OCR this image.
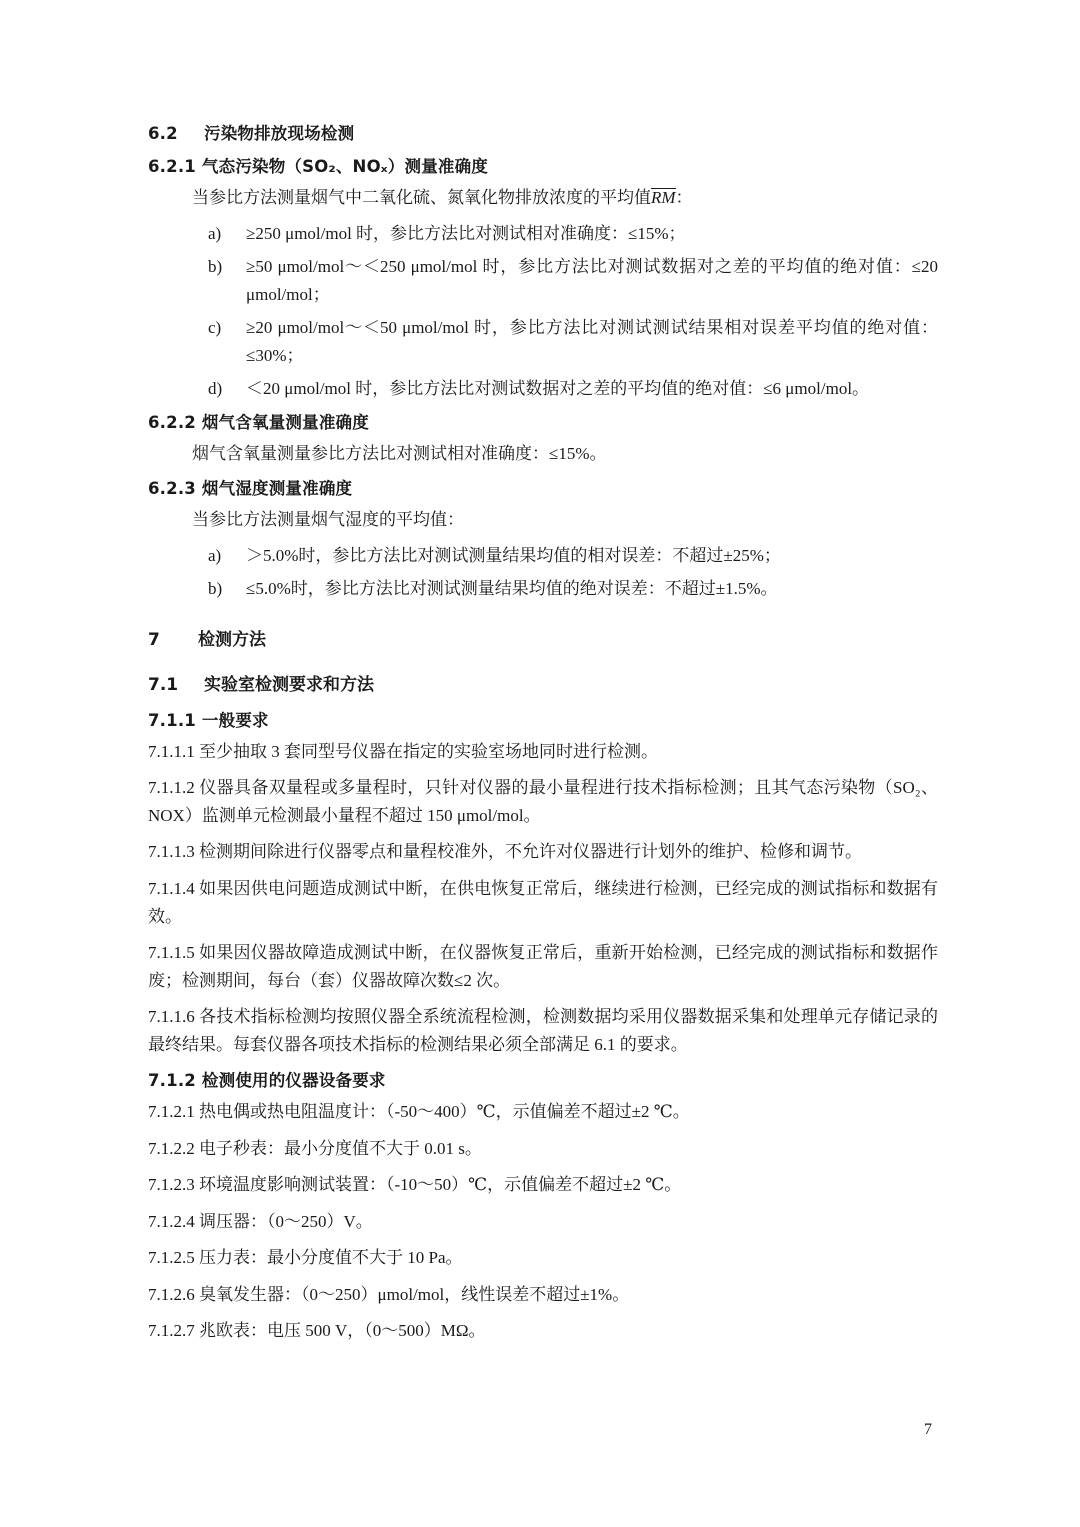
6.2 污染物排放现场检测
6.2.1 气态污染物（SO₂、NOₓ）测量准确度

当参比方法测量烟气中二氧化硫、氮氧化物排放浓度的平均值RM：

a)	≥250 μmol/mol 时，参比方法比对测试相对准确度：≤15%；
b)	≥50 μmol/mol～＜250 μmol/mol 时，参比方法比对测试数据对之差的平均值的绝对值：≤20 μmol/mol；
c)	≥20 μmol/mol～＜50 μmol/mol 时，参比方法比对测试测试结果相对误差平均值的绝对值：≤30%；
d)	＜20 μmol/mol 时，参比方法比对测试数据对之差的平均值的绝对值：≤6 μmol/mol。
6.2.2 烟气含氧量测量准确度

烟气含氧量测量参比方法比对测试相对准确度：≤15%。

6.2.3 烟气湿度测量准确度

当参比方法测量烟气湿度的平均值：

a)	＞5.0%时，参比方法比对测试测量结果均值的相对误差：不超过±25%；
b)	≤5.0%时，参比方法比对测试测量结果均值的绝对误差：不超过±1.5%。
7 检测方法
7.1 实验室检测要求和方法
7.1.1 一般要求

7.1.1.1 至少抽取 3 套同型号仪器在指定的实验室场地同时进行检测。

7.1.1.2 仪器具备双量程或多量程时，只针对仪器的最小量程进行技术指标检测；且其气态污染物（SO₂、NOX）监测单元检测最小量程不超过 150 μmol/mol。

7.1.1.3 检测期间除进行仪器零点和量程校准外，不允许对仪器进行计划外的维护、检修和调节。

7.1.1.4 如果因供电问题造成测试中断，在供电恢复正常后，继续进行检测，已经完成的测试指标和数据有效。

7.1.1.5 如果因仪器故障造成测试中断，在仪器恢复正常后，重新开始检测，已经完成的测试指标和数据作废；检测期间，每台（套）仪器故障次数≤2 次。

7.1.1.6 各技术指标检测均按照仪器全系统流程检测，检测数据均采用仪器数据采集和处理单元存储记录的最终结果。每套仪器各项技术指标的检测结果必须全部满足 6.1 的要求。

7.1.2 检测使用的仪器设备要求

7.1.2.1 热电偶或热电阻温度计：（-50～400）℃，示值偏差不超过±2 ℃。

7.1.2.2 电子秒表：最小分度值不大于 0.01 s。

7.1.2.3 环境温度影响测试装置：（-10～50）℃，示值偏差不超过±2 ℃。

7.1.2.4 调压器：（0～250）V。

7.1.2.5 压力表：最小分度值不大于 10 Pa。

7.1.2.6 臭氧发生器：（0～250）μmol/mol，线性误差不超过±1%。

7.1.2.7 兆欧表：电压 500 V，（0～500）MΩ。

7
